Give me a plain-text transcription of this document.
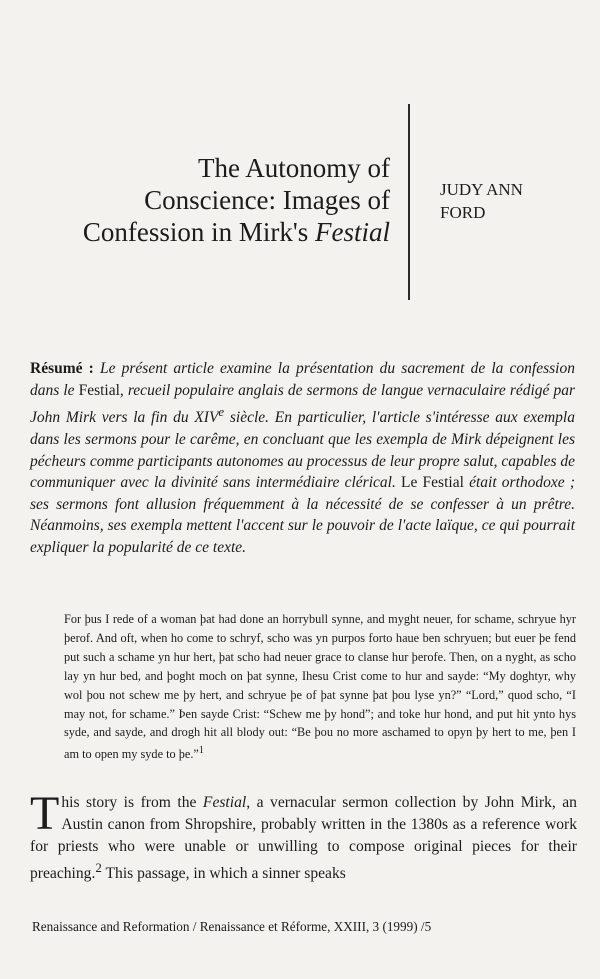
The Autonomy of
Conscience: Images of
Confession in Mirk's Festial
JUDY ANN
FORD
Résumé : Le présent article examine la présentation du sacrement de la confession dans le Festial, recueil populaire anglais de sermons de langue vernaculaire rédigé par John Mirk vers la fin du XIVe siècle. En particulier, l'article s'intéresse aux exempla dans les sermons pour le carême, en concluant que les exempla de Mirk dépeignent les pécheurs comme participants autonomes au processus de leur propre salut, capables de communiquer avec la divinité sans intermédiaire clérical. Le Festial était orthodoxe ; ses sermons font allusion fréquemment à la nécessité de se confesser à un prêtre. Néanmoins, ses exempla mettent l'accent sur le pouvoir de l'acte laïque, ce qui pourrait expliquer la popularité de ce texte.
For þus I rede of a woman þat had done an horrybull synne, and myght neuer, for schame, schryue hyr þerof. And oft, when ho come to schryf, scho was yn purpos forto haue ben schryuen; but euer þe fend put such a schame yn hur hert, þat scho had neuer grace to clanse hur þerofe. Then, on a nyght, as scho lay yn hur bed, and þoght moch on þat synne, Ihesu Crist come to hur and sayde: “My doghtyr, why wol þou not schew me þy hert, and schryue þe of þat synne þat þou lyse yn?” “Lord,” quod scho, “I may not, for schame.” Þen sayde Crist: “Schew me þy hond”; and toke hur hond, and put hit ynto hys syde, and sayde, and drogh hit all blody out: “Be þou no more aschamed to opyn þy hert to me, þen I am to open my syde to þe.”$^1$
This story is from the Festial, a vernacular sermon collection by John Mirk, an Austin canon from Shropshire, probably written in the 1380s as a reference work for priests who were unable or unwilling to compose original pieces for their preaching.$^2$ This passage, in which a sinner speaks
Renaissance and Reformation / Renaissance et Réforme, XXIII, 3 (1999) /5
